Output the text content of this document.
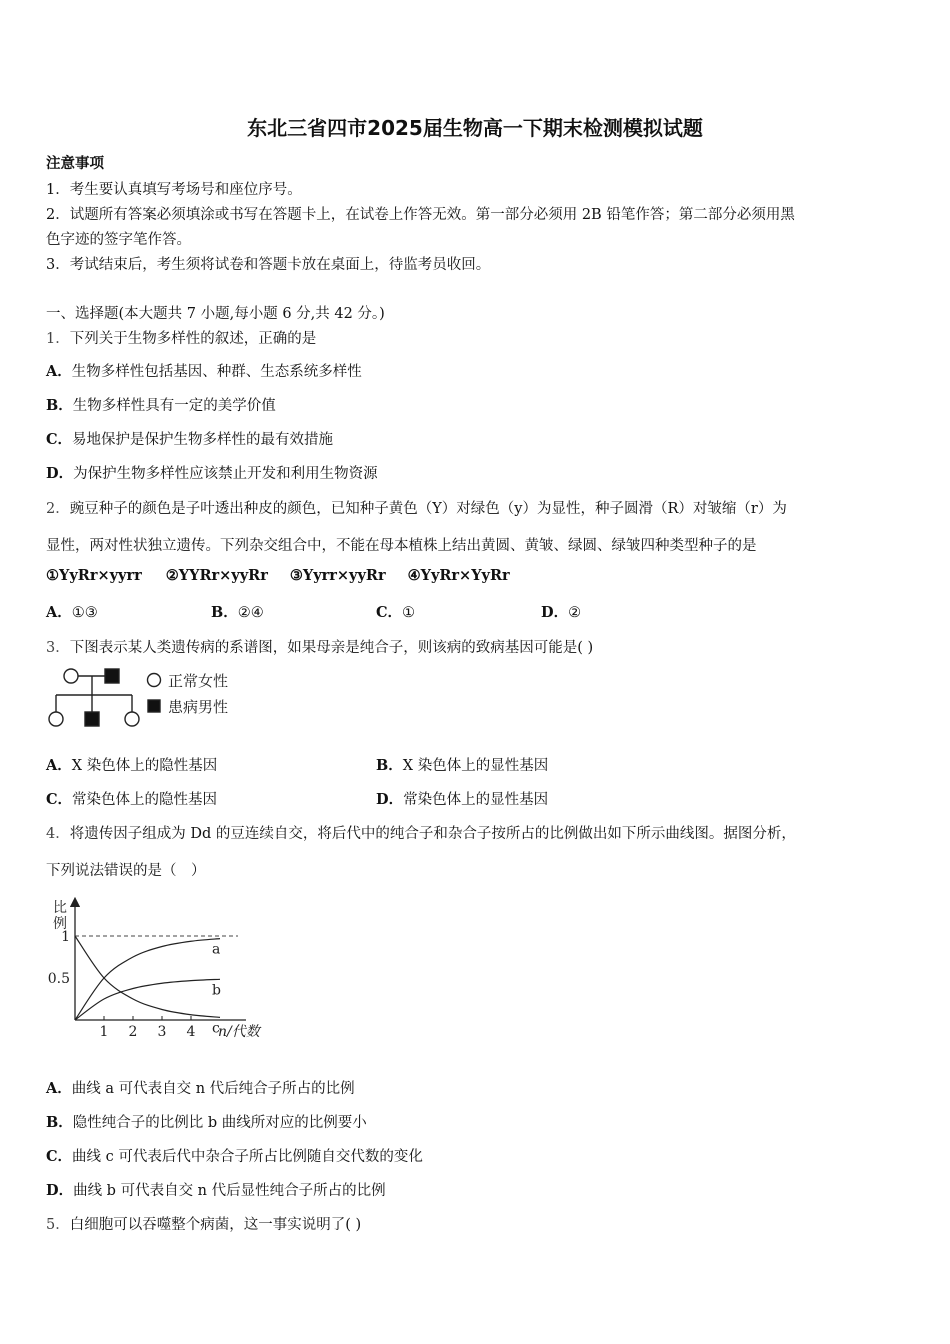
东北三省四市2025届生物高一下期末检测模拟试题
注意事项
1．考生要认真填写考场号和座位序号。
2．试题所有答案必须填涂或书写在答题卡上，在试卷上作答无效。第一部分必须用 2B 铅笔作答；第二部分必须用黑
色字迹的签字笔作答。
3．考试结束后，考生须将试卷和答题卡放在桌面上，待监考员收回。
一、选择题(本大题共 7 小题,每小题 6 分,共 42 分。)
1．下列关于生物多样性的叙述，正确的是
A．生物多样性包括基因、种群、生态系统多样性
B．生物多样性具有一定的美学价值
C．易地保护是保护生物多样性的最有效措施
D．为保护生物多样性应该禁止开发和利用生物资源
2．豌豆种子的颜色是子叶透出种皮的颜色，已知种子黄色（Y）对绿色（y）为显性，种子圆滑（R）对皱缩（r）为
显性，两对性状独立遗传。下列杂交组合中，不能在母本植株上结出黄圆、黄皱、绿圆、绿皱四种类型种子的是
①YyRr×yyrr ②YYRr×yyRr ③Yyrr×yyRr ④YyRr×YyRr
A．①③	B．②④	C．①	D．②
3．下图表示某人类遗传病的系谱图，如果母亲是纯合子，则该病的致病基因可能是( )
正常女性
患病男性
A．X 染色体上的隐性基因	B．X 染色体上的显性基因
C．常染色体上的隐性基因	D．常染色体上的显性基因
4．将遗传因子组成为 Dd 的豆连续自交，将后代中的纯合子和杂合子按所占的比例做出如下所示曲线图。据图分析，
下列说法错误的是（　）
1 2 3 4
0.5
1
a
b
c
比
例
n/代数
A．曲线 a 可代表自交 n 代后纯合子所占的比例
B．隐性纯合子的比例比 b 曲线所对应的比例要小
C．曲线 c 可代表后代中杂合子所占比例随自交代数的变化
D．曲线 b 可代表自交 n 代后显性纯合子所占的比例
5．白细胞可以吞噬整个病菌，这一事实说明了( )
